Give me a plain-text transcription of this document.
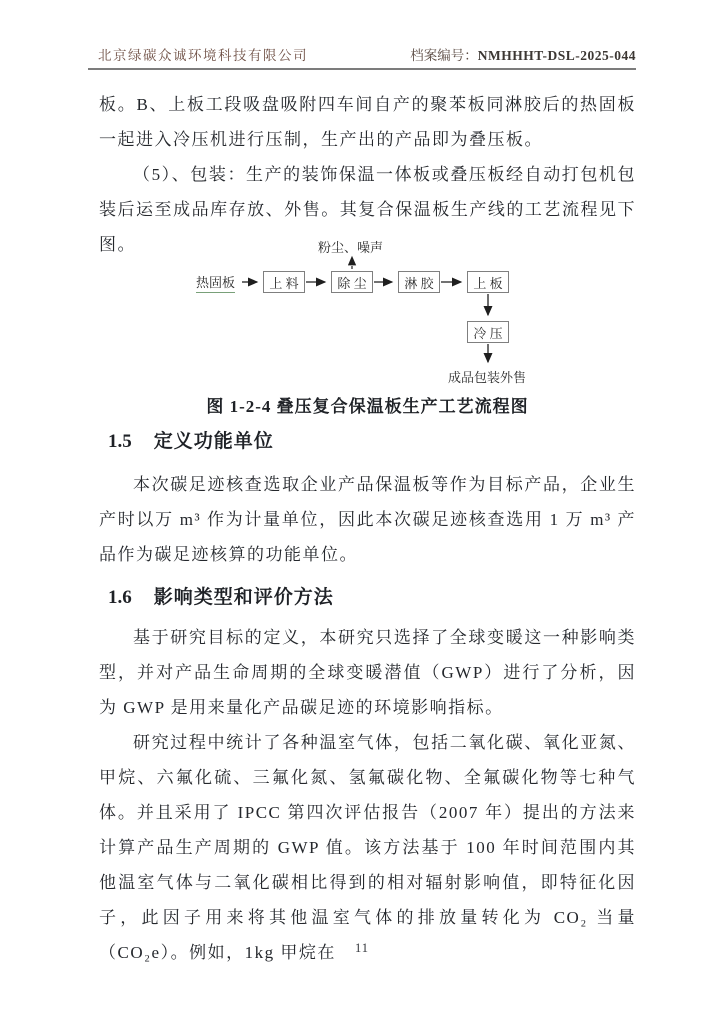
北京绿碳众诚环境科技有限公司	档案编号：NMHHHT-DSL-2025-044
板。B、上板工段吸盘吸附四车间自产的聚苯板同淋胶后的热固板一起进入冷压机进行压制，生产出的产品即为叠压板。
（5）、包装：生产的装饰保温一体板或叠压板经自动打包机包装后运至成品库存放、外售。其复合保温板生产线的工艺流程见下图。
热固板
粉尘、噪声
上 料	除 尘	淋 胶	上 板
冷 压
成品包装外售
图 1-2-4 叠压复合保温板生产工艺流程图
1.5 定义功能单位
本次碳足迹核查选取企业产品保温板等作为目标产品，企业生产时以万 m³ 作为计量单位，因此本次碳足迹核查选用 1 万 m³ 产品作为碳足迹核算的功能单位。
1.6 影响类型和评价方法
基于研究目标的定义，本研究只选择了全球变暖这一种影响类型，并对产品生命周期的全球变暖潜值（GWP）进行了分析，因为 GWP 是用来量化产品碳足迹的环境影响指标。
研究过程中统计了各种温室气体，包括二氧化碳、氧化亚氮、甲烷、六氟化硫、三氟化氮、氢氟碳化物、全氟碳化物等七种气体。并且采用了 IPCC 第四次评估报告（2007 年）提出的方法来计算产品生产周期的 GWP 值。该方法基于 100 年时间范围内其他温室气体与二氧化碳相比得到的相对辐射影响值，即特征化因子，此因子用来将其他温室气体的排放量转化为 CO₂ 当量（CO₂e）。例如，1kg 甲烷在	11
